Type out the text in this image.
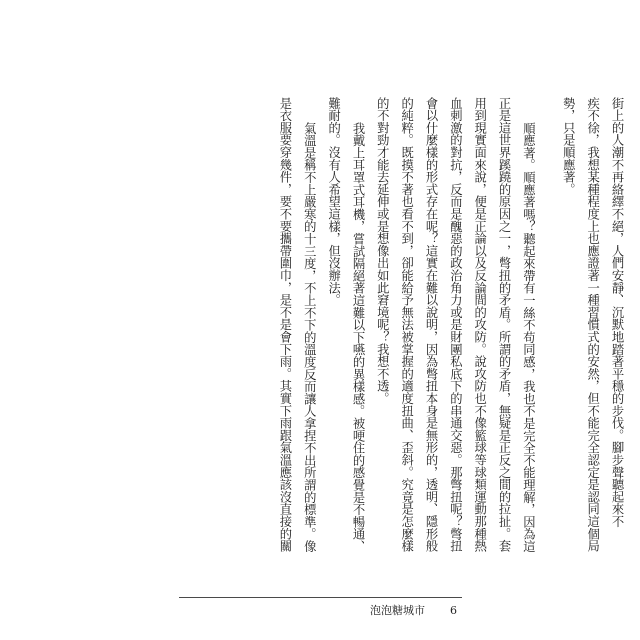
街上的人潮不再絡繹不絕，人們安靜、沉默地踏著平穩的步伐。腳步聲聽起來不
疾不徐，我想某種程度上也應證著一種習慣式的安然，但不能完全認定是認同這個局
勢，只是順應著。
順應著。順應著嗎？聽起來帶有一絲不苟同感，我也不是完全不能理解，因為這
正是這世界蹊蹺的原因之一，彆扭的矛盾。所謂的矛盾，無疑是正反之間的拉扯。套
用到現實面來說，便是正論以及反論間的攻防。說攻防也不像籃球等球類運動那種熱
血刺激的對抗，反而是醜惡的政治角力或是財團私底下的串通交惡。那彆扭呢？彆扭
會以什麼樣的形式存在呢？這實在難以說明，因為彆扭本身是無形的，透明、隱形般
的純粹。既摸不著也看不到，卻能給予無法被掌握的適度扭曲、歪斜。究竟是怎麼樣
的不對勁才能去延伸或是想像出如此窘境呢？我想不透。
我戴上耳罩式耳機，嘗試隔絕著這難以下嚥的異樣感。被哽住的感覺是不暢通、
難耐的。沒有人希望這樣，但沒辦法。
氣溫是稱不上嚴寒的十三度，不上不下的溫度反而讓人拿捏不出所謂的標準。像
是衣服要穿幾件，要不要攜帶圍巾，是不是會下雨。其實下雨跟氣溫應該沒直接的關
泡泡糖城市 6
